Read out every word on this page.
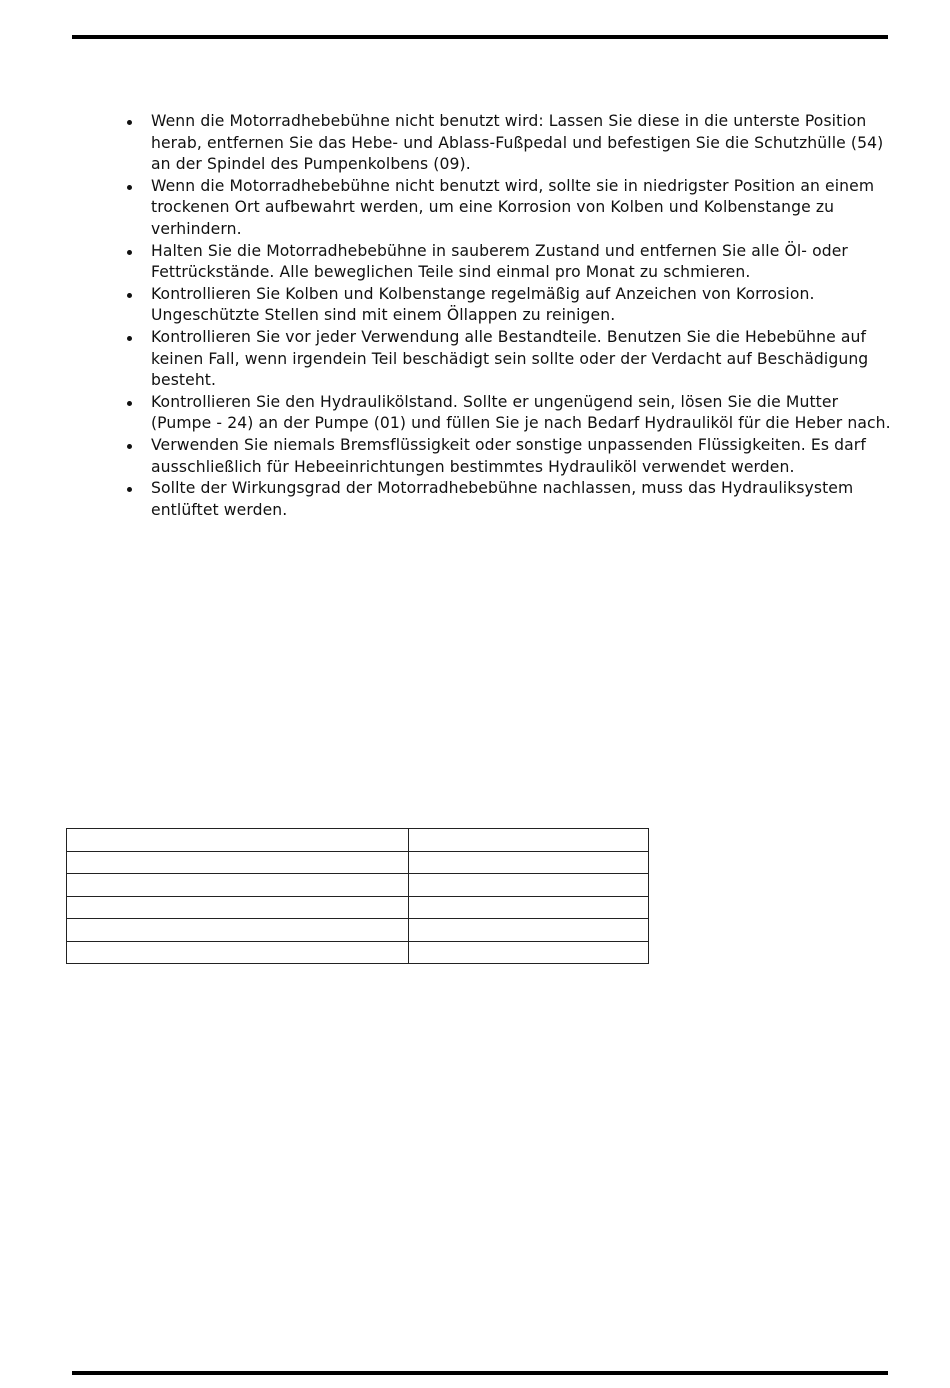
Wenn die Motorradhebebühne nicht benutzt wird: Lassen Sie diese in die unterste Position herab, entfernen Sie das Hebe- und Ablass-Fußpedal und befestigen Sie die Schutzhülle (54) an der Spindel des Pumpenkolbens (09).
Wenn die Motorradhebebühne nicht benutzt wird, sollte sie in niedrigster Position an einem trockenen Ort aufbewahrt werden, um eine Korrosion von Kolben und Kolbenstange zu verhindern.
Halten Sie die Motorradhebebühne in sauberem Zustand und entfernen Sie alle Öl- oder Fettrückstände. Alle beweglichen Teile sind einmal pro Monat zu schmieren.
Kontrollieren Sie Kolben und Kolbenstange regelmäßig auf Anzeichen von Korrosion. Ungeschützte Stellen sind mit einem Öllappen zu reinigen.
Kontrollieren Sie vor jeder Verwendung alle Bestandteile. Benutzen Sie die Hebebühne auf keinen Fall, wenn irgendein Teil beschädigt sein sollte oder der Verdacht auf Beschädigung besteht.
Kontrollieren Sie den Hydraulikölstand. Sollte er ungenügend sein, lösen Sie die Mutter (Pumpe - 24) an der Pumpe (01) und füllen Sie je nach Bedarf Hydrauliköl für die Heber nach.
Verwenden Sie niemals Bremsflüssigkeit oder sonstige unpassenden Flüssigkeiten. Es darf ausschließlich für Hebeeinrichtungen bestimmtes Hydrauliköl verwendet werden.
Sollte der Wirkungsgrad der Motorradhebebühne nachlassen, muss das Hydrauliksystem entlüftet werden.
